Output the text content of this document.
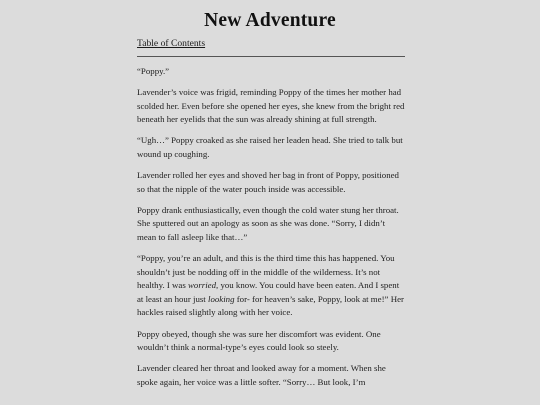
New Adventure
Table of Contents

“Poppy.”

Lavender’s voice was frigid, reminding Poppy of the times her mother had scolded her. Even before she opened her eyes, she knew from the bright red beneath her eyelids that the sun was already shining at full strength.

“Ugh…” Poppy croaked as she raised her leaden head. She tried to talk but wound up coughing.

Lavender rolled her eyes and shoved her bag in front of Poppy, positioned so that the nipple of the water pouch inside was accessible.

Poppy drank enthusiastically, even though the cold water stung her throat. She sputtered out an apology as soon as she was done. “Sorry, I didn’t mean to fall asleep like that…”

“Poppy, you’re an adult, and this is the third time this has happened. You shouldn’t just be nodding off in the middle of the wilderness. It’s not healthy. I was worried, you know. You could have been eaten. And I spent at least an hour just looking for- for heaven’s sake, Poppy, look at me!” Her hackles raised slightly along with her voice.

Poppy obeyed, though she was sure her discomfort was evident. One wouldn’t think a normal-type’s eyes could look so steely.

Lavender cleared her throat and looked away for a moment. When she spoke again, her voice was a little softer. “Sorry… But look, I’m
